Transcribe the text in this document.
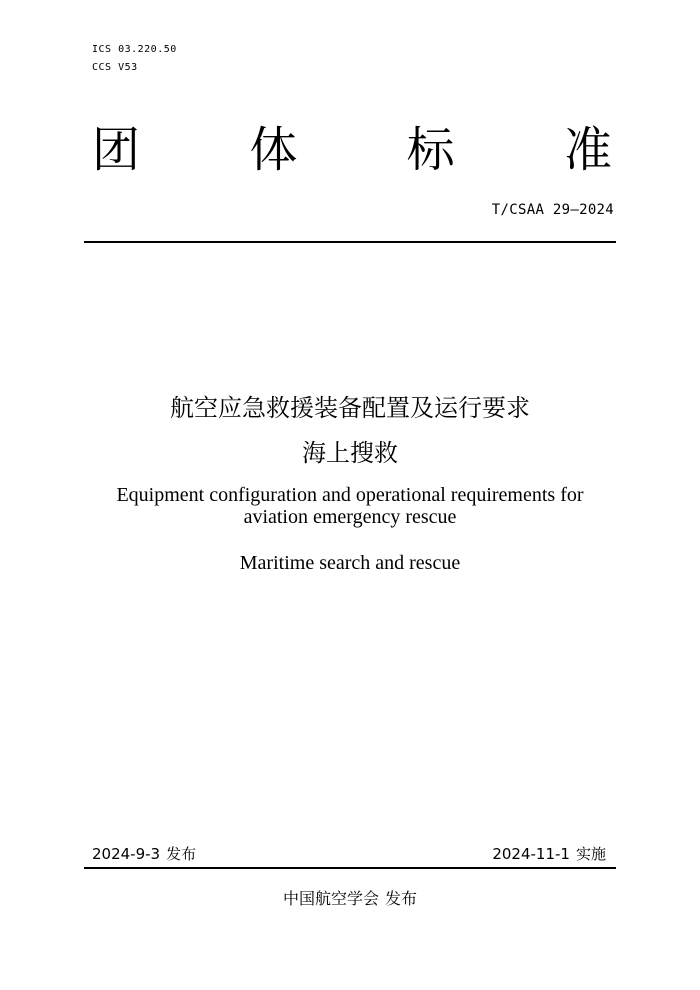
ICS 03.220.50
CCS V53
团 体 标 准
T/CSAA 29—2024
航空应急救援装备配置及运行要求
海上搜救
Equipment configuration and operational requirements for
aviation emergency rescue
Maritime search and rescue
2024-9-3 发布	2024-11-1 实施
中国航空学会 发布
